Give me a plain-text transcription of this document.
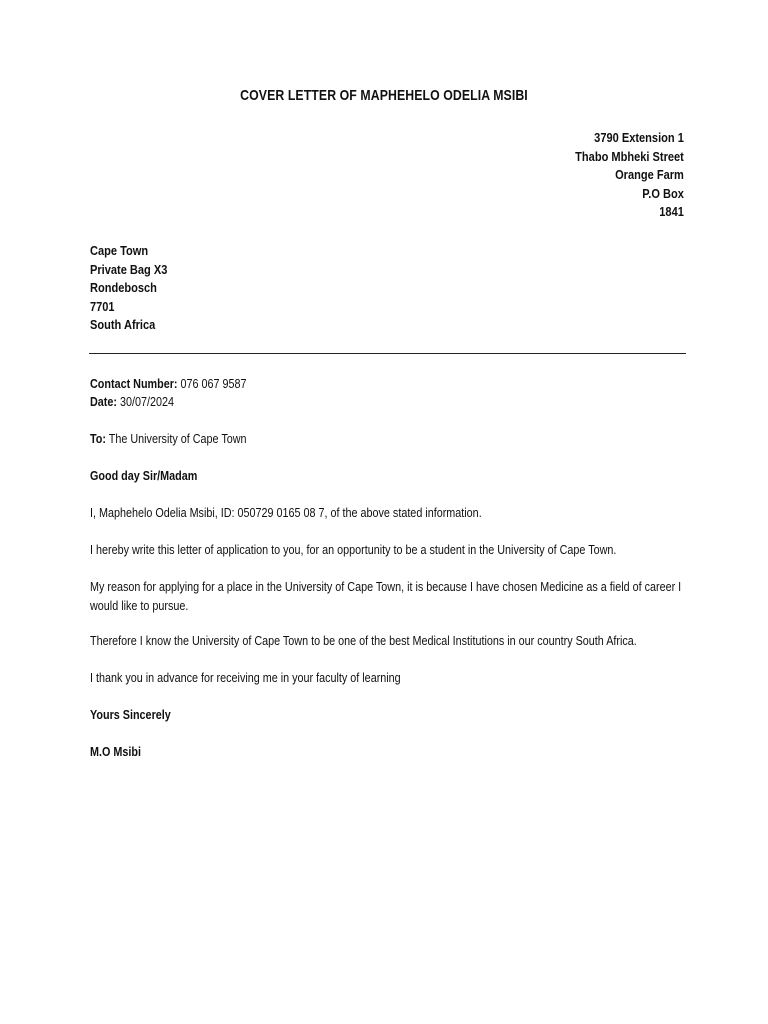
COVER LETTER OF MAPHEHELO ODELIA MSIBI
3790 Extension 1
Thabo Mbheki Street
Orange Farm
P.O Box
1841
Cape Town
Private Bag X3
Rondebosch
7701
South Africa
Contact Number: 076 067 9587
Date: 30/07/2024
To: The University of Cape Town
Good day Sir/Madam
I, Maphehelo Odelia Msibi, ID: 050729 0165 08 7, of the above stated information.
I hereby write this letter of application to you, for an opportunity to be a student in the University of Cape Town.
My reason for applying for a place in the University of Cape Town, it is because I have chosen Medicine as a field of career I would like to pursue.
Therefore I know the University of Cape Town to be one of the best Medical Institutions in our country South Africa.
I thank you in advance for receiving me in your faculty of learning
Yours Sincerely
M.O Msibi
